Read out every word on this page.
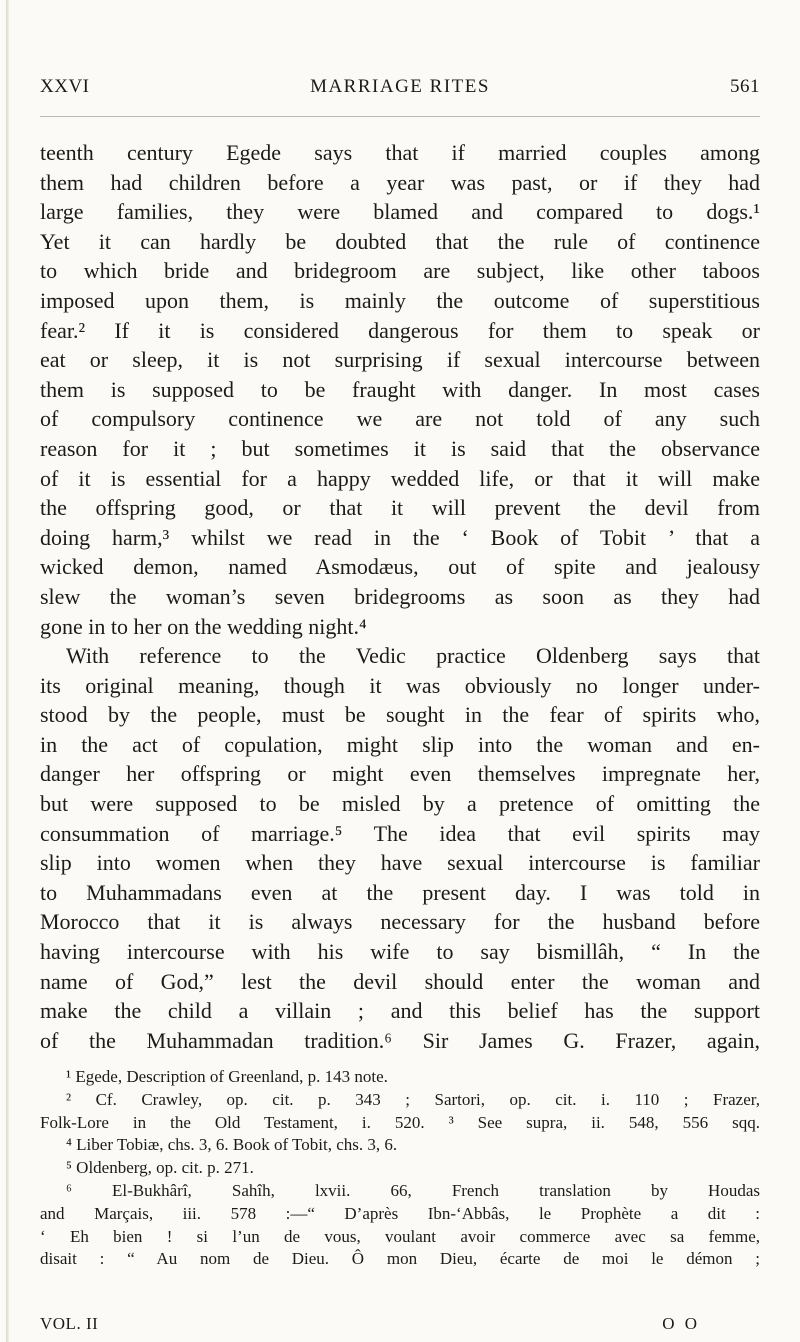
XXVI	MARRIAGE RITES	561
teenth century Egede says that if married couples among
them had children before a year was past, or if they had
large families, they were blamed and compared to dogs.¹
Yet it can hardly be doubted that the rule of continence
to which bride and bridegroom are subject, like other taboos
imposed upon them, is mainly the outcome of superstitious
fear.² If it is considered dangerous for them to speak or
eat or sleep, it is not surprising if sexual intercourse between
them is supposed to be fraught with danger. In most cases
of compulsory continence we are not told of any such
reason for it ; but sometimes it is said that the observance
of it is essential for a happy wedded life, or that it will make
the offspring good, or that it will prevent the devil from
doing harm,³ whilst we read in the ‘ Book of Tobit ’ that a
wicked demon, named Asmodæus, out of spite and jealousy
slew the woman’s seven bridegrooms as soon as they had
gone in to her on the wedding night.⁴
With reference to the Vedic practice Oldenberg says that
its original meaning, though it was obviously no longer under-
stood by the people, must be sought in the fear of spirits who,
in the act of copulation, might slip into the woman and en-
danger her offspring or might even themselves impregnate her,
but were supposed to be misled by a pretence of omitting the
consummation of marriage.⁵ The idea that evil spirits may
slip into women when they have sexual intercourse is familiar
to Muhammadans even at the present day. I was told in
Morocco that it is always necessary for the husband before
having intercourse with his wife to say bismillâh, “ In the
name of God,” lest the devil should enter the woman and
make the child a villain ; and this belief has the support
of the Muhammadan tradition.⁶ Sir James G. Frazer, again,
¹ Egede, Description of Greenland, p. 143 note.
² Cf. Crawley, op. cit. p. 343 ; Sartori, op. cit. i. 110 ; Frazer,
Folk-Lore in the Old Testament, i. 520. ³ See supra, ii. 548, 556 sqq.
⁴ Liber Tobiæ, chs. 3, 6. Book of Tobit, chs. 3, 6.
⁵ Oldenberg, op. cit. p. 271.
⁶ El-Bukhârî, Sahîh, lxvii. 66, French translation by Houdas
and Marçais, iii. 578 :—“ D’après Ibn-‘Abbâs, le Prophète a dit :
‘ Eh bien ! si l’un de vous, voulant avoir commerce avec sa femme,
disait : “ Au nom de Dieu. Ô mon Dieu, écarte de moi le démon ;
VOL. II	O O
